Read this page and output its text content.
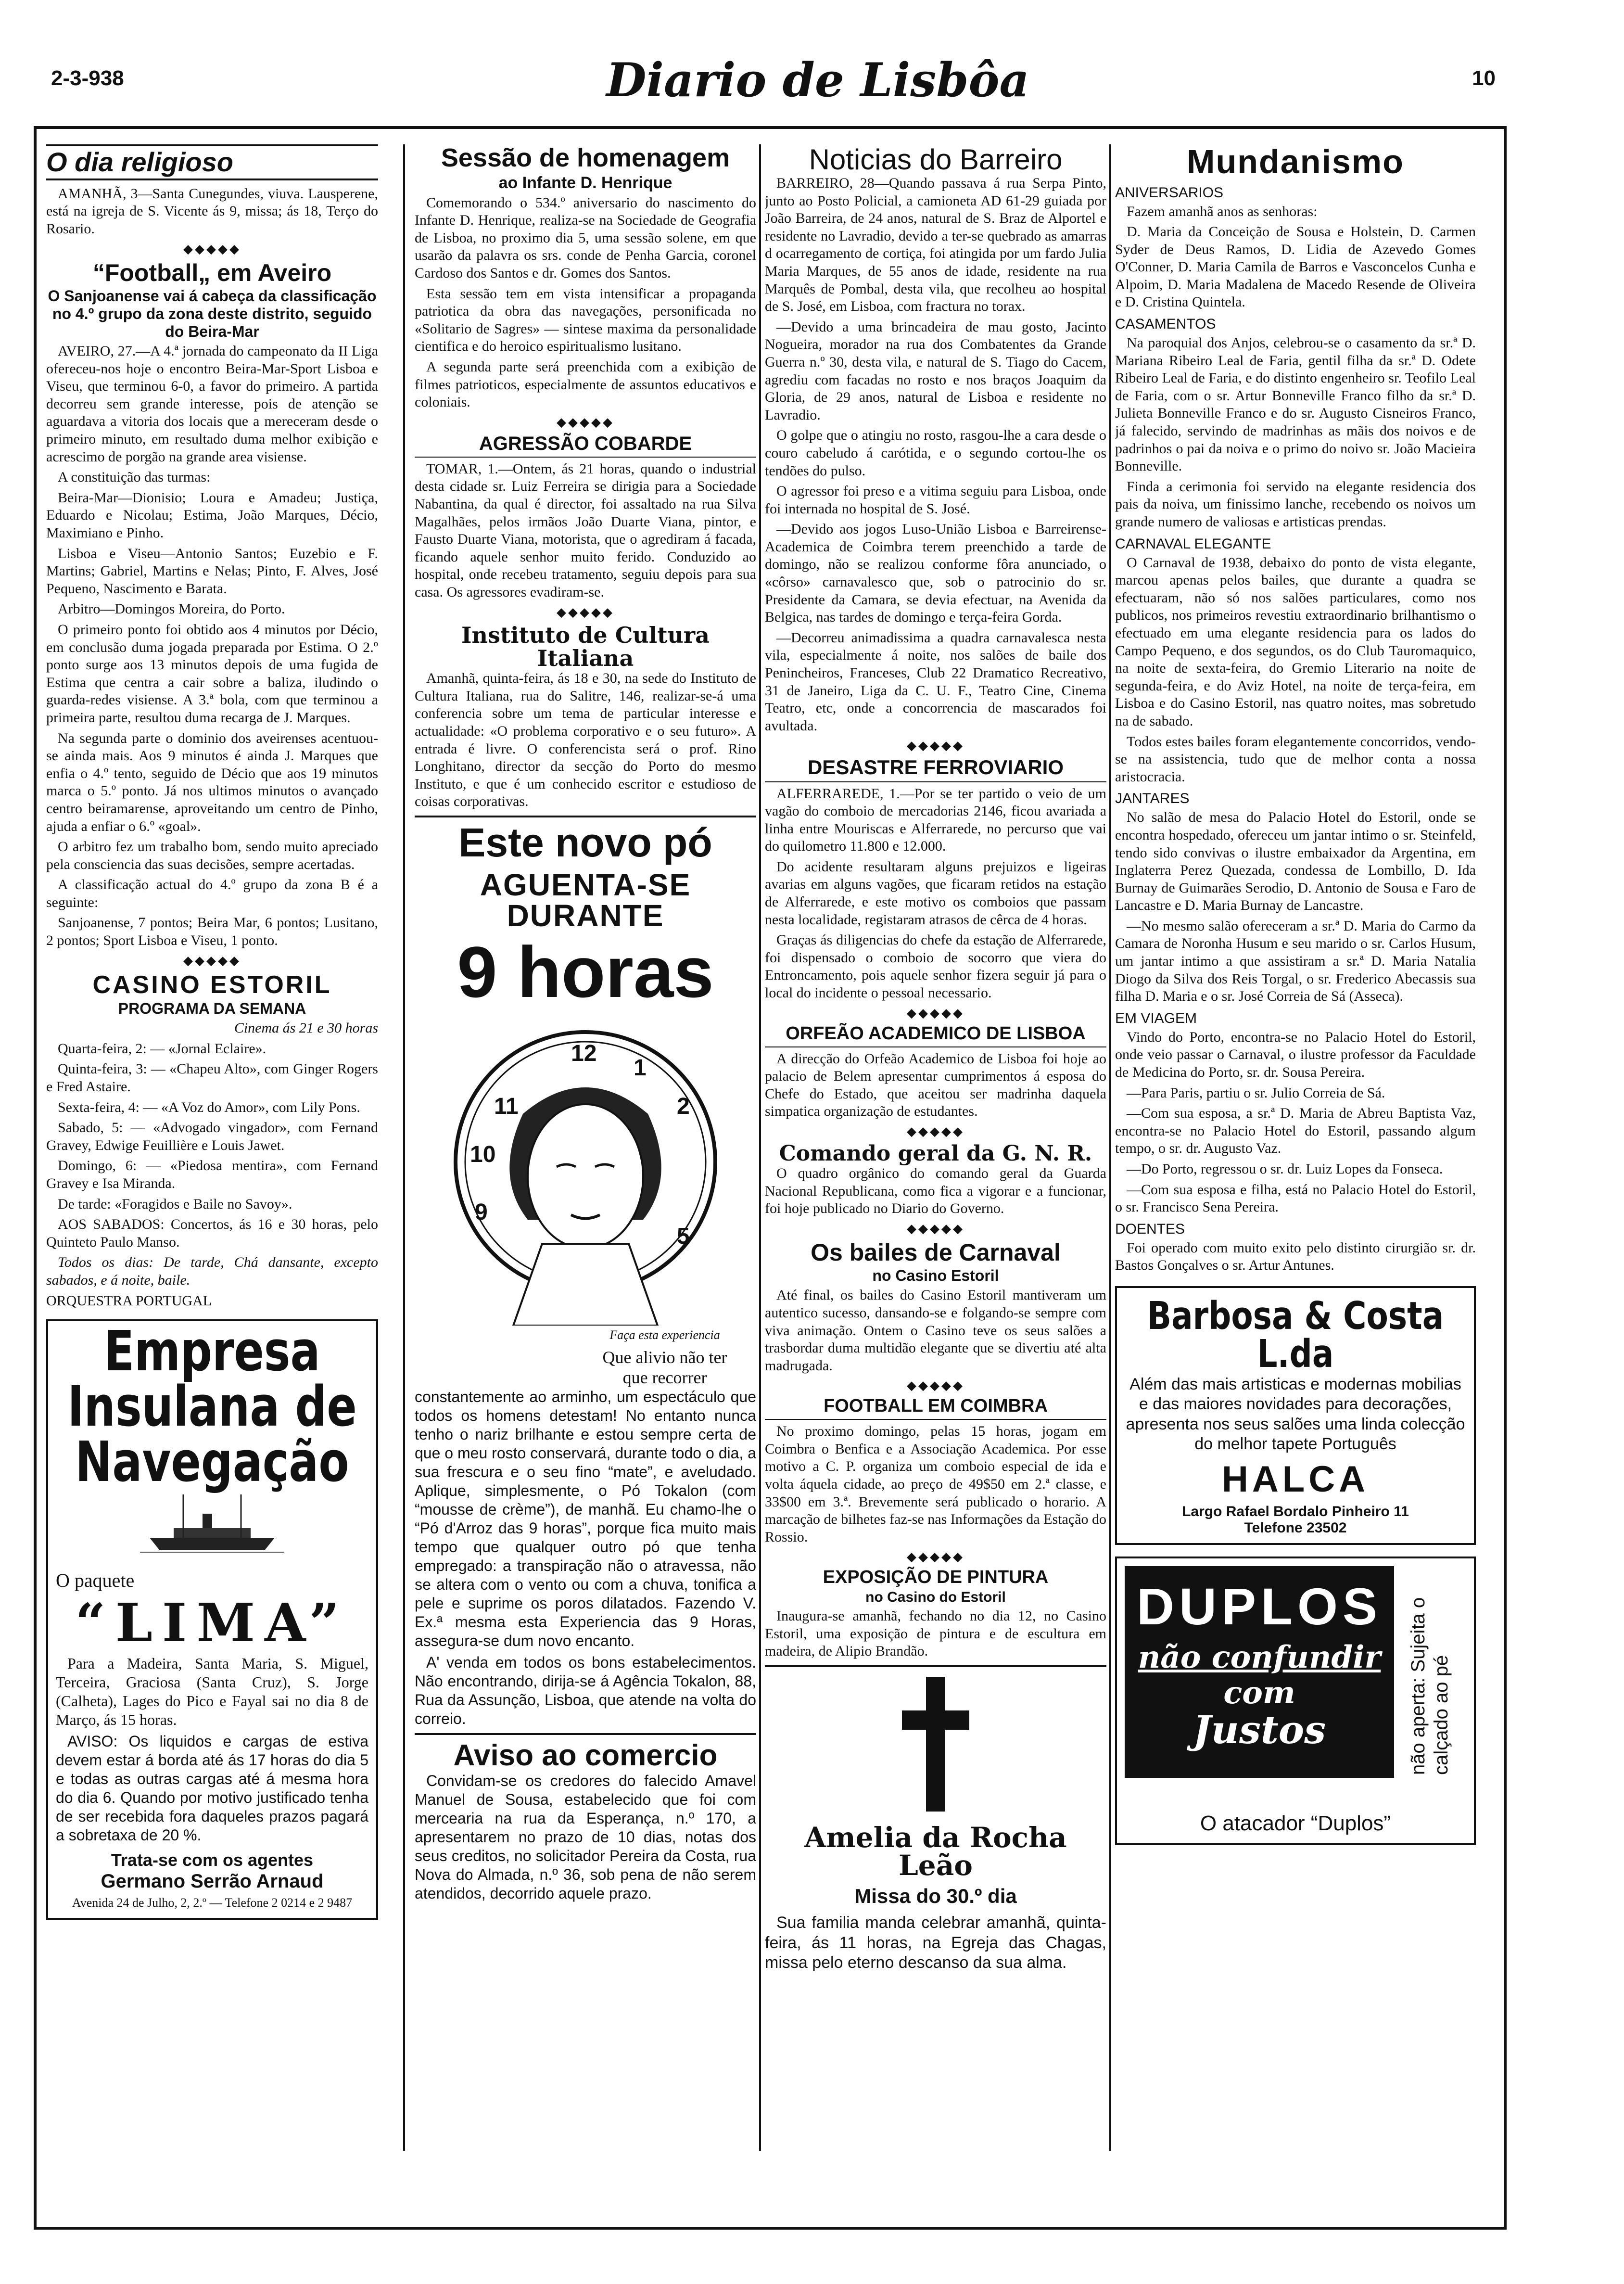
2-3-938	Diario de Lisbôa	10
O dia religioso

AMANHÃ, 3—Santa Cunegundes, viuva. Lausperene, está na igreja de S. Vicente ás 9, missa; ás 18, Terço do Rosario.

◆◆◆◆◆
“Football„ em Aveiro
O Sanjoanense vai á cabeça da classificação no 4.º grupo da zona deste distrito, seguido do Beira-Mar

AVEIRO, 27.—A 4.ª jornada do campeonato da II Liga ofereceu-nos hoje o encontro Beira-Mar-Sport Lisboa e Viseu, que terminou 6-0, a favor do primeiro. A partida decorreu sem grande interesse, pois de atenção se aguardava a vitoria dos locais que a mereceram desde o primeiro minuto, em resultado duma melhor exibição e acrescimo de porgão na grande area visiense.

A constituição das turmas:

Beira-Mar—Dionisio; Loura e Amadeu; Justiça, Eduardo e Nicolau; Estima, João Marques, Décio, Maximiano e Pinho.

Lisboa e Viseu—Antonio Santos; Euzebio e F. Martins; Gabriel, Martins e Nelas; Pinto, F. Alves, José Pequeno, Nascimento e Barata.

Arbitro—Domingos Moreira, do Porto.

O primeiro ponto foi obtido aos 4 minutos por Décio, em conclusão duma jogada preparada por Estima. O 2.º ponto surge aos 13 minutos depois de uma fugida de Estima que centra a cair sobre a baliza, iludindo o guarda-redes visiense. A 3.ª bola, com que terminou a primeira parte, resultou duma recarga de J. Marques.

Na segunda parte o dominio dos aveirenses acentuou-se ainda mais. Aos 9 minutos é ainda J. Marques que enfia o 4.º tento, seguido de Décio que aos 19 minutos marca o 5.º ponto. Já nos ultimos minutos o avançado centro beiramarense, aproveitando um centro de Pinho, ajuda a enfiar o 6.º «goal».

O arbitro fez um trabalho bom, sendo muito apreciado pela consciencia das suas decisões, sempre acertadas.

A classificação actual do 4.º grupo da zona B é a seguinte:

Sanjoanense, 7 pontos; Beira Mar, 6 pontos; Lusitano, 2 pontos; Sport Lisboa e Viseu, 1 ponto.

◆◆◆◆◆
CASINO ESTORIL
PROGRAMA DA SEMANA

Cinema ás 21 e 30 horas

Quarta-feira, 2: — «Jornal Eclaire».

Quinta-feira, 3: — «Chapeu Alto», com Ginger Rogers e Fred Astaire.

Sexta-feira, 4: — «A Voz do Amor», com Lily Pons.

Sabado, 5: — «Advogado vingador», com Fernand Gravey, Edwige Feuillière e Louis Jawet.

Domingo, 6: — «Piedosa mentira», com Fernand Gravey e Isa Miranda.

De tarde: «Foragidos e Baile no Savoy».

AOS SABADOS: Concertos, ás 16 e 30 horas, pelo Quinteto Paulo Manso.

Todos os dias: De tarde, Chá dansante, excepto sabados, e á noite, baile.

ORQUESTRA PORTUGAL

Empresa Insulana de Navegação
O paquete
“LIMA”

Para a Madeira, Santa Maria, S. Miguel, Terceira, Graciosa (Santa Cruz), S. Jorge (Calheta), Lages do Pico e Fayal sai no dia 8 de Março, ás 15 horas.

AVISO: Os liquidos e cargas de estiva devem estar á borda até ás 17 horas do dia 5 e todas as outras cargas até á mesma hora do dia 6. Quando por motivo justificado tenha de ser recebida fora daqueles prazos pagará a sobretaxa de 20 %.

Trata-se com os agentes
Germano Serrão Arnaud
Avenida 24 de Julho, 2, 2.º — Telefone 2 0214 e 2 9487
Sessão de homenagem
ao Infante D. Henrique

Comemorando o 534.º aniversario do nascimento do Infante D. Henrique, realiza-se na Sociedade de Geografia de Lisboa, no proximo dia 5, uma sessão solene, em que usarão da palavra os srs. conde de Penha Garcia, coronel Cardoso dos Santos e dr. Gomes dos Santos.

Esta sessão tem em vista intensificar a propaganda patriotica da obra das navegações, personificada no «Solitario de Sagres» — sintese maxima da personalidade cientifica e do heroico espiritualismo lusitano.

A segunda parte será preenchida com a exibição de filmes patrioticos, especialmente de assuntos educativos e coloniais.

◆◆◆◆◆
AGRESSÃO COBARDE

TOMAR, 1.—Ontem, ás 21 horas, quando o industrial desta cidade sr. Luiz Ferreira se dirigia para a Sociedade Nabantina, da qual é director, foi assaltado na rua Silva Magalhães, pelos irmãos João Duarte Viana, pintor, e Fausto Duarte Viana, motorista, que o agrediram á facada, ficando aquele senhor muito ferido. Conduzido ao hospital, onde recebeu tratamento, seguiu depois para sua casa. Os agressores evadiram-se.

◆◆◆◆◆
Instituto de Cultura Italiana

Amanhã, quinta-feira, ás 18 e 30, na sede do Instituto de Cultura Italiana, rua do Salitre, 146, realizar-se-á uma conferencia sobre um tema de particular interesse e actualidade: «O problema corporativo e o seu futuro». A entrada é livre. O conferencista será o prof. Rino Longhitano, director da secção do Porto do mesmo Instituto, e que é um conhecido escritor e estudioso de coisas corporativas.

Este novo pó
AGUENTA-SE DURANTE
9 horas
12
1
2
11
10
5
9
Faça esta experiencia
Que alivio não ter que recorrer

constantemente ao arminho, um espectáculo que todos os homens detestam! No entanto nunca tenho o nariz brilhante e estou sempre certa de que o meu rosto conservará, durante todo o dia, a sua frescura e o seu fino “mate”, e aveludado. Aplique, simplesmente, o Pó Tokalon (com “mousse de crème”), de manhã. Eu chamo-lhe o “Pó d'Arroz das 9 horas”, porque fica muito mais tempo que qualquer outro pó que tenha empregado: a transpiração não o atravessa, não se altera com o vento ou com a chuva, tonifica a pele e suprime os poros dilatados. Fazendo V. Ex.ª mesma esta Experiencia das 9 Horas, assegura-se dum novo encanto.

A' venda em todos os bons estabelecimentos. Não encontrando, dirija-se á Agência Tokalon, 88, Rua da Assunção, Lisboa, que atende na volta do correio.

Aviso ao comercio

Convidam-se os credores do falecido Amavel Manuel de Sousa, estabelecido que foi com mercearia na rua da Esperança, n.º 170, a apresentarem no prazo de 10 dias, notas dos seus creditos, no solicitador Pereira da Costa, rua Nova do Almada, n.º 36, sob pena de não serem atendidos, decorrido aquele prazo.

Noticias do Barreiro

BARREIRO, 28—Quando passava á rua Serpa Pinto, junto ao Posto Policial, a camioneta AD 61-29 guiada por João Barreira, de 24 anos, natural de S. Braz de Alportel e residente no Lavradio, devido a ter-se quebrado as amarras d ocarregamento de cortiça, foi atingida por um fardo Julia Maria Marques, de 55 anos de idade, residente na rua Marquês de Pombal, desta vila, que recolheu ao hospital de S. José, em Lisboa, com fractura no torax.

—Devido a uma brincadeira de mau gosto, Jacinto Nogueira, morador na rua dos Combatentes da Grande Guerra n.º 30, desta vila, e natural de S. Tiago do Cacem, agrediu com facadas no rosto e nos braços Joaquim da Gloria, de 29 anos, natural de Lisboa e residente no Lavradio.

O golpe que o atingiu no rosto, rasgou-lhe a cara desde o couro cabeludo á carótida, e o segundo cortou-lhe os tendões do pulso.

O agressor foi preso e a vitima seguiu para Lisboa, onde foi internada no hospital de S. José.

—Devido aos jogos Luso-União Lisboa e Barreirense-Academica de Coimbra terem preenchido a tarde de domingo, não se realizou conforme fôra anunciado, o «côrso» carnavalesco que, sob o patrocinio do sr. Presidente da Camara, se devia efectuar, na Avenida da Belgica, nas tardes de domingo e terça-feira Gorda.

—Decorreu animadissima a quadra carnavalesca nesta vila, especialmente á noite, nos salões de baile dos Penincheiros, Franceses, Club 22 Dramatico Recreativo, 31 de Janeiro, Liga da C. U. F., Teatro Cine, Cinema Teatro, etc, onde a concorrencia de mascarados foi avultada.

◆◆◆◆◆
DESASTRE FERROVIARIO

ALFERRAREDE, 1.—Por se ter partido o veio de um vagão do comboio de mercadorias 2146, ficou avariada a linha entre Mouriscas e Alferrarede, no percurso que vai do quilometro 11.800 e 12.000.

Do acidente resultaram alguns prejuizos e ligeiras avarias em alguns vagões, que ficaram retidos na estação de Alferrarede, e este motivo os comboios que passam nesta localidade, registaram atrasos de cêrca de 4 horas.

Graças ás diligencias do chefe da estação de Alferrarede, foi dispensado o comboio de socorro que viera do Entroncamento, pois aquele senhor fizera seguir já para o local do incidente o pessoal necessario.

◆◆◆◆◆
ORFEÃO ACADEMICO DE LISBOA

A direcção do Orfeão Academico de Lisboa foi hoje ao palacio de Belem apresentar cumprimentos á esposa do Chefe do Estado, que aceitou ser madrinha daquela simpatica organização de estudantes.

◆◆◆◆◆
Comando geral da G. N. R.

O quadro orgânico do comando geral da Guarda Nacional Republicana, como fica a vigorar e a funcionar, foi hoje publicado no Diario do Governo.

◆◆◆◆◆
Os bailes de Carnaval
no Casino Estoril

Até final, os bailes do Casino Estoril mantiveram um autentico sucesso, dansando-se e folgando-se sempre com viva animação. Ontem o Casino teve os seus salões a trasbordar duma multidão elegante que se divertiu até alta madrugada.

◆◆◆◆◆
FOOTBALL EM COIMBRA

No proximo domingo, pelas 15 horas, jogam em Coimbra o Benfica e a Associação Academica. Por esse motivo a C. P. organiza um comboio especial de ida e volta áquela cidade, ao preço de 49$50 em 2.ª classe, e 33$00 em 3.ª. Brevemente será publicado o horario. A marcação de bilhetes faz-se nas Informações da Estação do Rossio.

◆◆◆◆◆
EXPOSIÇÃO DE PINTURA
no Casino do Estoril

Inaugura-se amanhã, fechando no dia 12, no Casino Estoril, uma exposição de pintura e de escultura em madeira, de Alipio Brandão.

Amelia da Rocha Leão
Missa do 30.º dia

Sua familia manda celebrar amanhã, quinta-feira, ás 11 horas, na Egreja das Chagas, missa pelo eterno descanso da sua alma.

Mundanismo
ANIVERSARIOS

Fazem amanhã anos as senhoras:

D. Maria da Conceição de Sousa e Holstein, D. Carmen Syder de Deus Ramos, D. Lidia de Azevedo Gomes O'Conner, D. Maria Camila de Barros e Vasconcelos Cunha e Alpoim, D. Maria Madalena de Macedo Resende de Oliveira e D. Cristina Quintela.

CASAMENTOS

Na paroquial dos Anjos, celebrou-se o casamento da sr.ª D. Mariana Ribeiro Leal de Faria, gentil filha da sr.ª D. Odete Ribeiro Leal de Faria, e do distinto engenheiro sr. Teofilo Leal de Faria, com o sr. Artur Bonneville Franco filho da sr.ª D. Julieta Bonneville Franco e do sr. Augusto Cisneiros Franco, já falecido, servindo de madrinhas as mãis dos noivos e de padrinhos o pai da noiva e o primo do noivo sr. João Macieira Bonneville.

Finda a cerimonia foi servido na elegante residencia dos pais da noiva, um finissimo lanche, recebendo os noivos um grande numero de valiosas e artisticas prendas.

CARNAVAL ELEGANTE

O Carnaval de 1938, debaixo do ponto de vista elegante, marcou apenas pelos bailes, que durante a quadra se efectuaram, não só nos salões particulares, como nos publicos, nos primeiros revestiu extraordinario brilhantismo o efectuado em uma elegante residencia para os lados do Campo Pequeno, e dos segundos, os do Club Tauromaquico, na noite de sexta-feira, do Gremio Literario na noite de segunda-feira, e do Aviz Hotel, na noite de terça-feira, em Lisboa e do Casino Estoril, nas quatro noites, mas sobretudo na de sabado.

Todos estes bailes foram elegantemente concorridos, vendo-se na assistencia, tudo que de melhor conta a nossa aristocracia.

JANTARES

No salão de mesa do Palacio Hotel do Estoril, onde se encontra hospedado, ofereceu um jantar intimo o sr. Steinfeld, tendo sido convivas o ilustre embaixador da Argentina, em Inglaterra Perez Quezada, condessa de Lombillo, D. Ida Burnay de Guimarães Serodio, D. Antonio de Sousa e Faro de Lancastre e D. Maria Burnay de Lancastre.

—No mesmo salão ofereceram a sr.ª D. Maria do Carmo da Camara de Noronha Husum e seu marido o sr. Carlos Husum, um jantar intimo a que assistiram a sr.ª D. Maria Natalia Diogo da Silva dos Reis Torgal, o sr. Frederico Abecassis sua filha D. Maria e o sr. José Correia de Sá (Asseca).

EM VIAGEM

Vindo do Porto, encontra-se no Palacio Hotel do Estoril, onde veio passar o Carnaval, o ilustre professor da Faculdade de Medicina do Porto, sr. dr. Sousa Pereira.

—Para Paris, partiu o sr. Julio Correia de Sá.

—Com sua esposa, a sr.ª D. Maria de Abreu Baptista Vaz, encontra-se no Palacio Hotel do Estoril, passando algum tempo, o sr. dr. Augusto Vaz.

—Do Porto, regressou o sr. dr. Luiz Lopes da Fonseca.

—Com sua esposa e filha, está no Palacio Hotel do Estoril, o sr. Francisco Sena Pereira.

DOENTES

Foi operado com muito exito pelo distinto cirurgião sr. dr. Bastos Gonçalves o sr. Artur Antunes.

Barbosa & Costa L.da

Além das mais artisticas e modernas mobilias e das maiores novidades para decorações, apresenta nos seus salões uma linda colecção do melhor tapete Português

HALCA
Largo Rafael Bordalo Pinheiro 11
Telefone 23502
DUPLOS
não confundir
com
Justos	não aperta: Sujeita o calçado ao pé
O atacador “Duplos”
